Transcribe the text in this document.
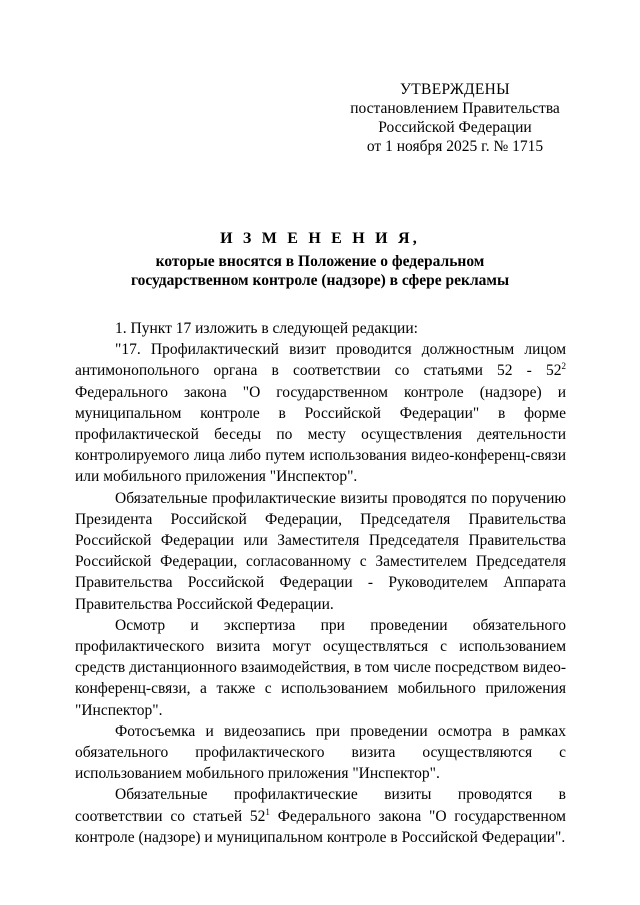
УТВЕРЖДЕНЫ
постановлением Правительства
Российской Федерации
от 1 ноября 2025 г. № 1715
И З М Е Н Е Н И Я,
которые вносятся в Положение о федеральном
государственном контроле (надзоре) в сфере рекламы

1. Пункт 17 изложить в следующей редакции:

"17. Профилактический визит проводится должностным лицом антимонопольного органа в соответствии со статьями $52 - 52^2$ Федерального закона "О государственном контроле (надзоре) и муниципальном контроле в Российской Федерации" в форме профилактической беседы по месту осуществления деятельности контролируемого лица либо путем использования видео-конференц-связи или мобильного приложения "Инспектор".

Обязательные профилактические визиты проводятся по поручению Президента Российской Федерации, Председателя Правительства Российской Федерации или Заместителя Председателя Правительства Российской Федерации, согласованному с Заместителем Председателя Правительства Российской Федерации - Руководителем Аппарата Правительства Российской Федерации.

Осмотр и экспертиза при проведении обязательного профилактического визита могут осуществляться с использованием средств дистанционного взаимодействия, в том числе посредством видео-конференц-связи, а также с использованием мобильного приложения "Инспектор".

Фотосъемка и видеозапись при проведении осмотра в рамках обязательного профилактического визита осуществляются с использованием мобильного приложения "Инспектор".

Обязательные профилактические визиты проводятся в соответствии со статьей $52^1$ Федерального закона "О государственном контроле (надзоре) и муниципальном контроле в Российской Федерации".
